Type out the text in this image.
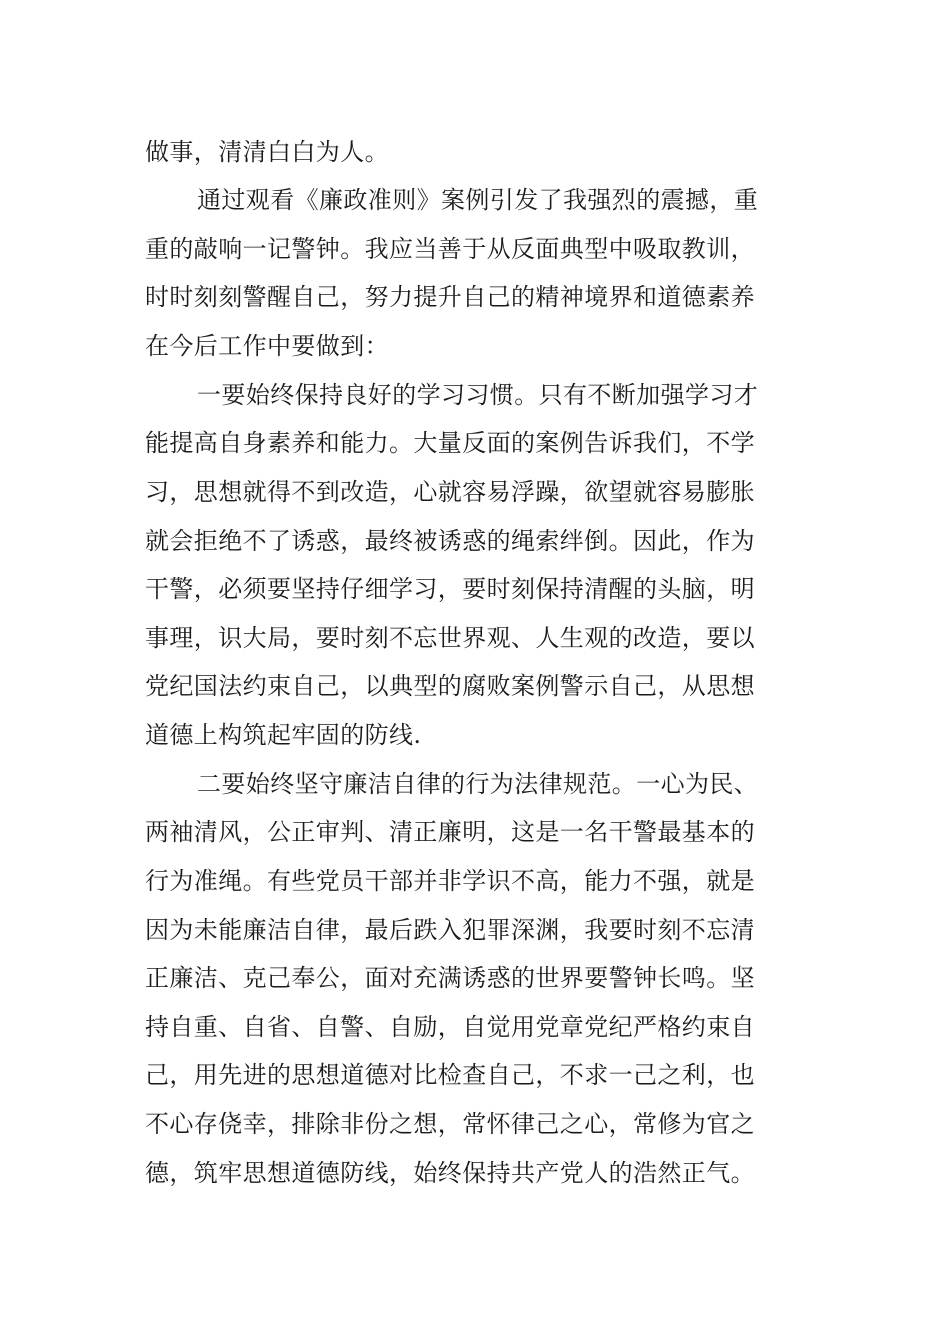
做事，清清白白为人。
通过观看《廉政准则》案例引发了我强烈的震撼，重
重的敲响一记警钟。我应当善于从反面典型中吸取教训，
时时刻刻警醒自己，努力提升自己的精神境界和道德素养
在今后工作中要做到：
一要始终保持良好的学习习惯。只有不断加强学习才
能提高自身素养和能力。大量反面的案例告诉我们，不学
习，思想就得不到改造，心就容易浮躁，欲望就容易膨胀
就会拒绝不了诱惑，最终被诱惑的绳索绊倒。因此，作为
干警，必须要坚持仔细学习，要时刻保持清醒的头脑，明
事理，识大局，要时刻不忘世界观、人生观的改造，要以
党纪国法约束自己，以典型的腐败案例警示自己，从思想
道德上构筑起牢固的防线.
二要始终坚守廉洁自律的行为法律规范。一心为民、
两袖清风，公正审判、清正廉明，这是一名干警最基本的
行为准绳。有些党员干部并非学识不高，能力不强，就是
因为未能廉洁自律，最后跌入犯罪深渊，我要时刻不忘清
正廉洁、克己奉公，面对充满诱惑的世界要警钟长鸣。坚
持自重、自省、自警、自励，自觉用党章党纪严格约束自
己，用先进的思想道德对比检查自己，不求一己之利，也
不心存侥幸，排除非份之想，常怀律己之心，常修为官之
德，筑牢思想道德防线，始终保持共产党人的浩然正气。
